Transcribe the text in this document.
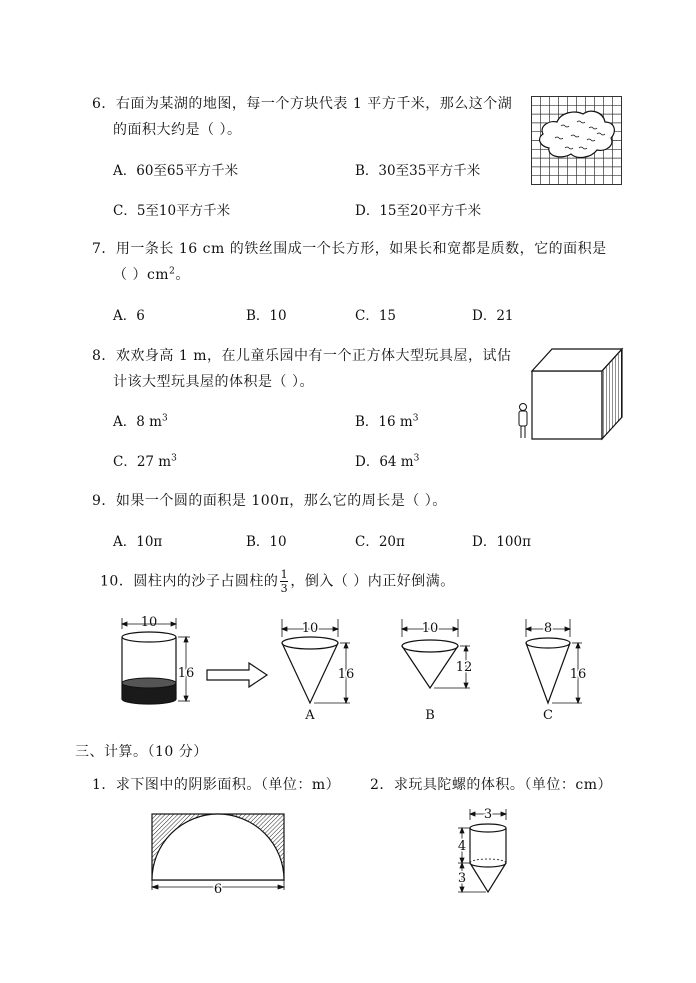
6．右面为某湖的地图，每一个方块代表 1 平方千米，那么这个湖
的面积大约是（ ）。
A．60至65平方千米	B．30至35平方千米
C．5至10平方千米	D．15至20平方千米
7．用一条长 16 cm 的铁丝围成一个长方形，如果长和宽都是质数，它的面积是
（ ）$cm^2$。
A．6	B．10	C．15	D．21
8．欢欢身高 1 m，在儿童乐园中有一个正方体大型玩具屋，试估
计该大型玩具屋的体积是（ ）。
A．8 $m^3$	B．16 $m^3$
C．27 $m^3$	D．64 $m^3$
9．如果一个圆的面积是 100π，那么它的周长是（ ）。
A．10π	B．10	C．20π	D．100π
10．圆柱内的沙子占圆柱的 $\frac{1}{3}$ ，倒入（ ）内正好倒满。
10
16
10
16
A
10
12
B
8
16
C
三、计算。（10 分）
1．求下图中的阴影面积。（单位：m） 2．求玩具陀螺的体积。（单位：cm）
6
3
4
3
